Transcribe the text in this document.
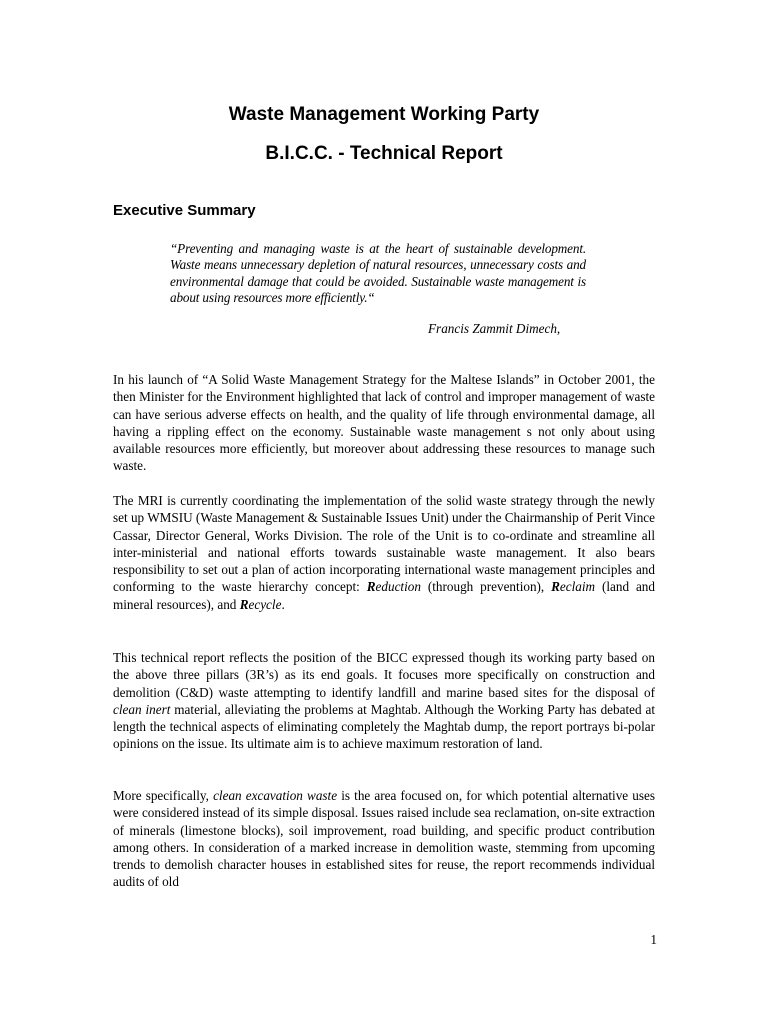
Waste Management Working Party
B.I.C.C. - Technical Report
Executive Summary

“Preventing and managing waste is at the heart of sustainable development. Waste means unnecessary depletion of natural resources, unnecessary costs and environmental damage that could be avoided. Sustainable waste management is about using resources more efficiently.“

Francis Zammit Dimech,

In his launch of “A Solid Waste Management Strategy for the Maltese Islands” in October 2001, the then Minister for the Environment highlighted that lack of control and improper management of waste can have serious adverse effects on health, and the quality of life through environmental damage, all having a rippling effect on the economy. Sustainable waste management s not only about using available resources more efficiently, but moreover about addressing these resources to manage such waste.

The MRI is currently coordinating the implementation of the solid waste strategy through the newly set up WMSIU (Waste Management & Sustainable Issues Unit) under the Chairmanship of Perit Vince Cassar, Director General, Works Division. The role of the Unit is to co-ordinate and streamline all inter-ministerial and national efforts towards sustainable waste management. It also bears responsibility to set out a plan of action incorporating international waste management principles and conforming to the waste hierarchy concept: Reduction (through prevention), Reclaim (land and mineral resources), and Recycle.

This technical report reflects the position of the BICC expressed though its working party based on the above three pillars (3R’s) as its end goals. It focuses more specifically on construction and demolition (C&D) waste attempting to identify landfill and marine based sites for the disposal of clean inert material, alleviating the problems at Maghtab. Although the Working Party has debated at length the technical aspects of eliminating completely the Maghtab dump, the report portrays bi-polar opinions on the issue. Its ultimate aim is to achieve maximum restoration of land.

More specifically, clean excavation waste is the area focused on, for which potential alternative uses were considered instead of its simple disposal. Issues raised include sea reclamation, on-site extraction of minerals (limestone blocks), soil improvement, road building, and specific product contribution among others. In consideration of a marked increase in demolition waste, stemming from upcoming trends to demolish character houses in established sites for reuse, the report recommends individual audits of old

1
